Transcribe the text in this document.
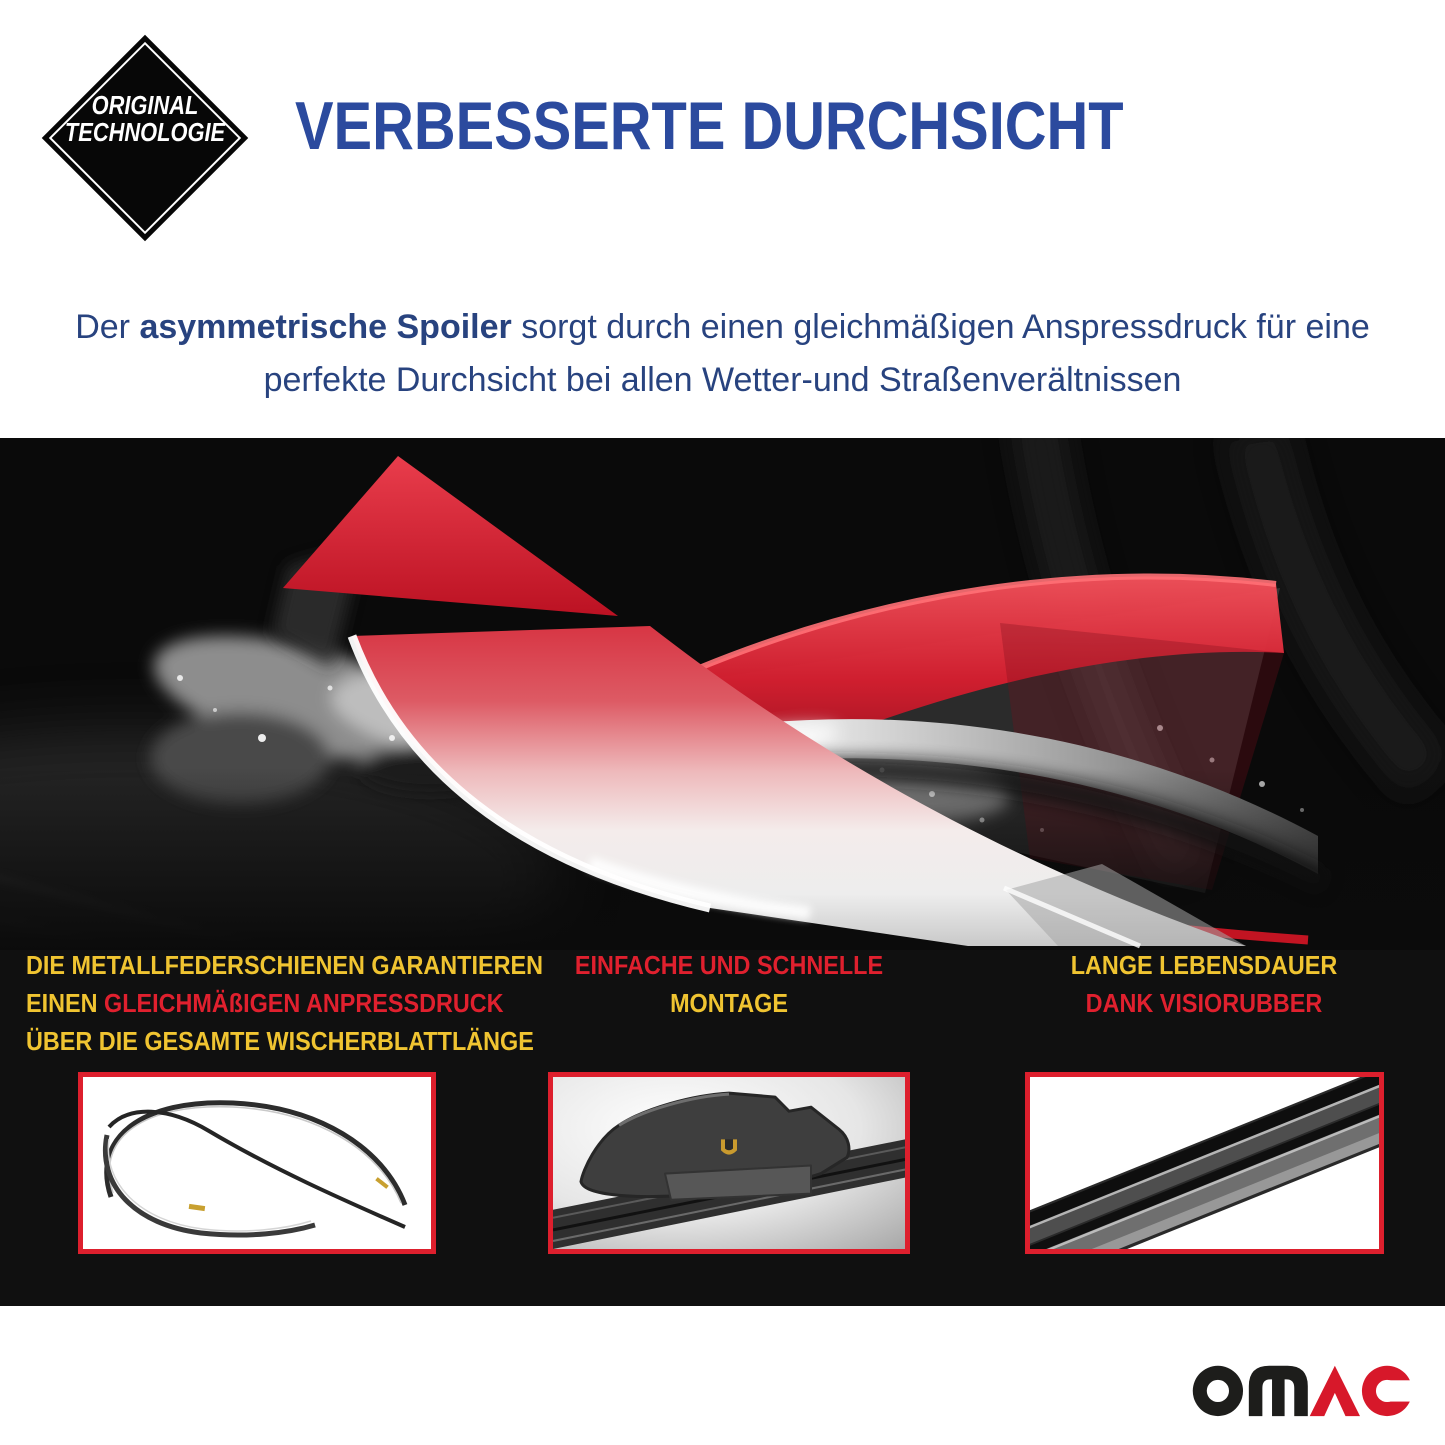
ORIGINAL
TECHNOLOGIE	VERBESSERTE DURCHSICHT
Der asymmetrische Spoiler sorgt durch einen gleichmäßigen Anspressdruck für eine
perfekte Durchsicht bei allen Wetter-und Straßenverältnissen
DIE METALLFEDERSCHIENEN GARANTIEREN
EINEN GLEICHMÄßIGEN ANPRESSDRUCK
ÜBER DIE GESAMTE WISCHERBLATTLÄNGE
EINFACHE UND SCHNELLE
MONTAGE
LANGE LEBENSDAUER
DANK VISIORUBBER
